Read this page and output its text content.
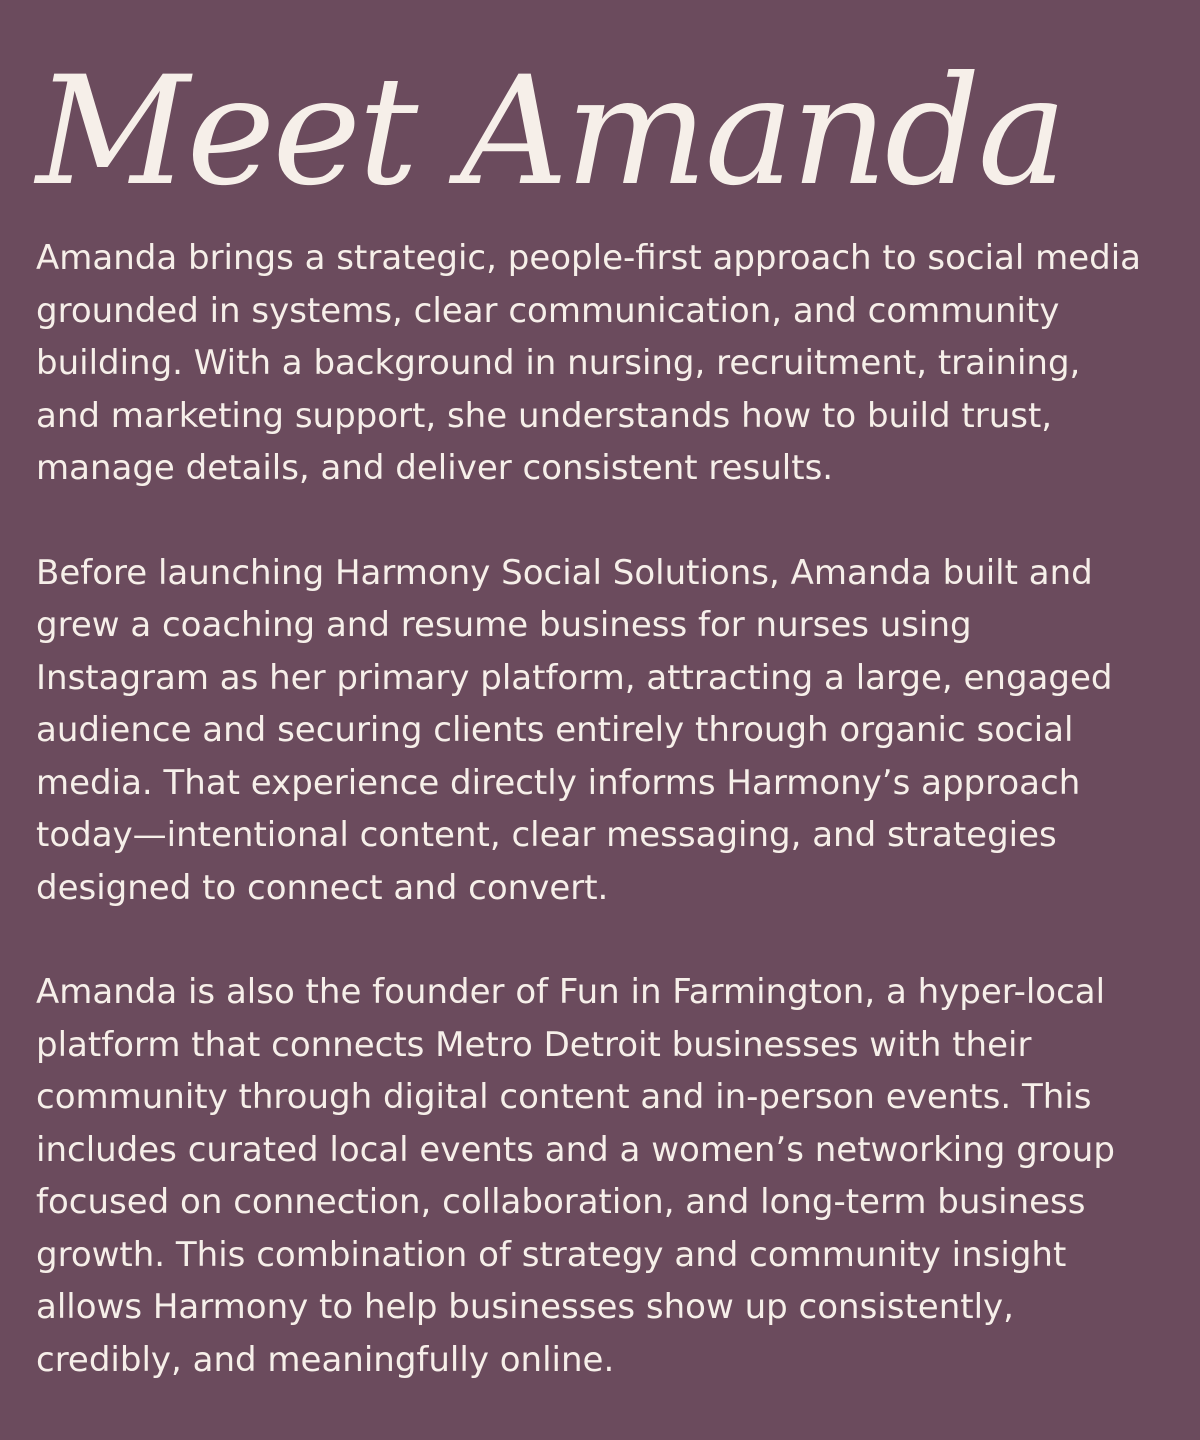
Meet Amanda

Amanda brings a strategic, people-first approach to social media
grounded in systems, clear communication, and community
building. With a background in nursing, recruitment, training,
and marketing support, she understands how to build trust,
manage details, and deliver consistent results.

Before launching Harmony Social Solutions, Amanda built and
grew a coaching and resume business for nurses using
Instagram as her primary platform, attracting a large, engaged
audience and securing clients entirely through organic social
media. That experience directly informs Harmony’s approach
today—intentional content, clear messaging, and strategies
designed to connect and convert.

Amanda is also the founder of Fun in Farmington, a hyper-local
platform that connects Metro Detroit businesses with their
community through digital content and in-person events. This
includes curated local events and a women’s networking group
focused on connection, collaboration, and long-term business
growth. This combination of strategy and community insight
allows Harmony to help businesses show up consistently,
credibly, and meaningfully online.
